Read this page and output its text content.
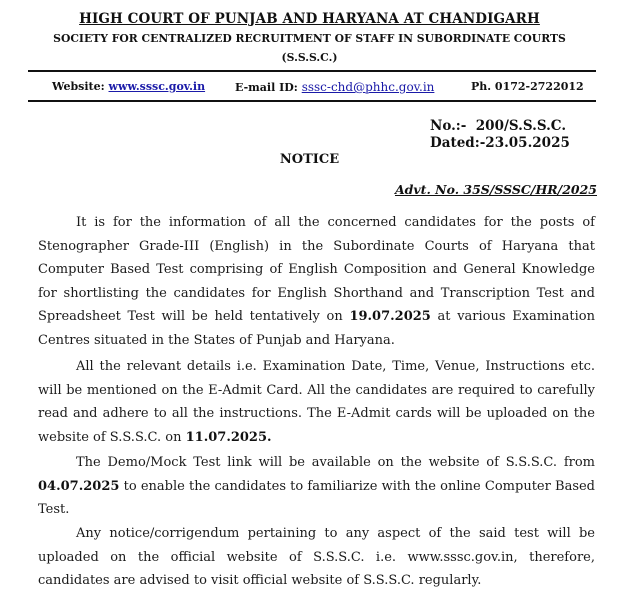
HIGH COURT OF PUNJAB AND HARYANA AT CHANDIGARH
SOCIETY FOR CENTRALIZED RECRUITMENT OF STAFF IN SUBORDINATE COURTS
(S.S.S.C.)
Website: www.sssc.gov.in	E-mail ID: sssc-chd@phhc.gov.in	Ph. 0172-2722012
No.:-  200/S.S.S.C.
Dated:-23.05.2025
NOTICE
Advt. No. 35S/SSSC/HR/2025

It is for the information of all the concerned candidates for the posts of Stenographer Grade-III (English) in the Subordinate Courts of Haryana that Computer Based Test comprising of English Composition and General Knowledge for shortlisting the candidates for English Shorthand and Transcription Test and Spreadsheet Test will be held tentatively on 19.07.2025 at various Examination Centres situated in the States of Punjab and Haryana.

All the relevant details i.e. Examination Date, Time, Venue, Instructions etc. will be mentioned on the E-Admit Card. All the candidates are required to carefully read and adhere to all the instructions. The E-Admit cards will be uploaded on the website of S.S.S.C. on 11.07.2025.

The Demo/Mock Test link will be available on the website of S.S.S.C. from 04.07.2025 to enable the candidates to familiarize with the online Computer Based Test.

Any notice/corrigendum pertaining to any aspect of the said test will be uploaded on the official website of S.S.S.C. i.e. www.sssc.gov.in, therefore, candidates are advised to visit official website of S.S.S.C. regularly.
